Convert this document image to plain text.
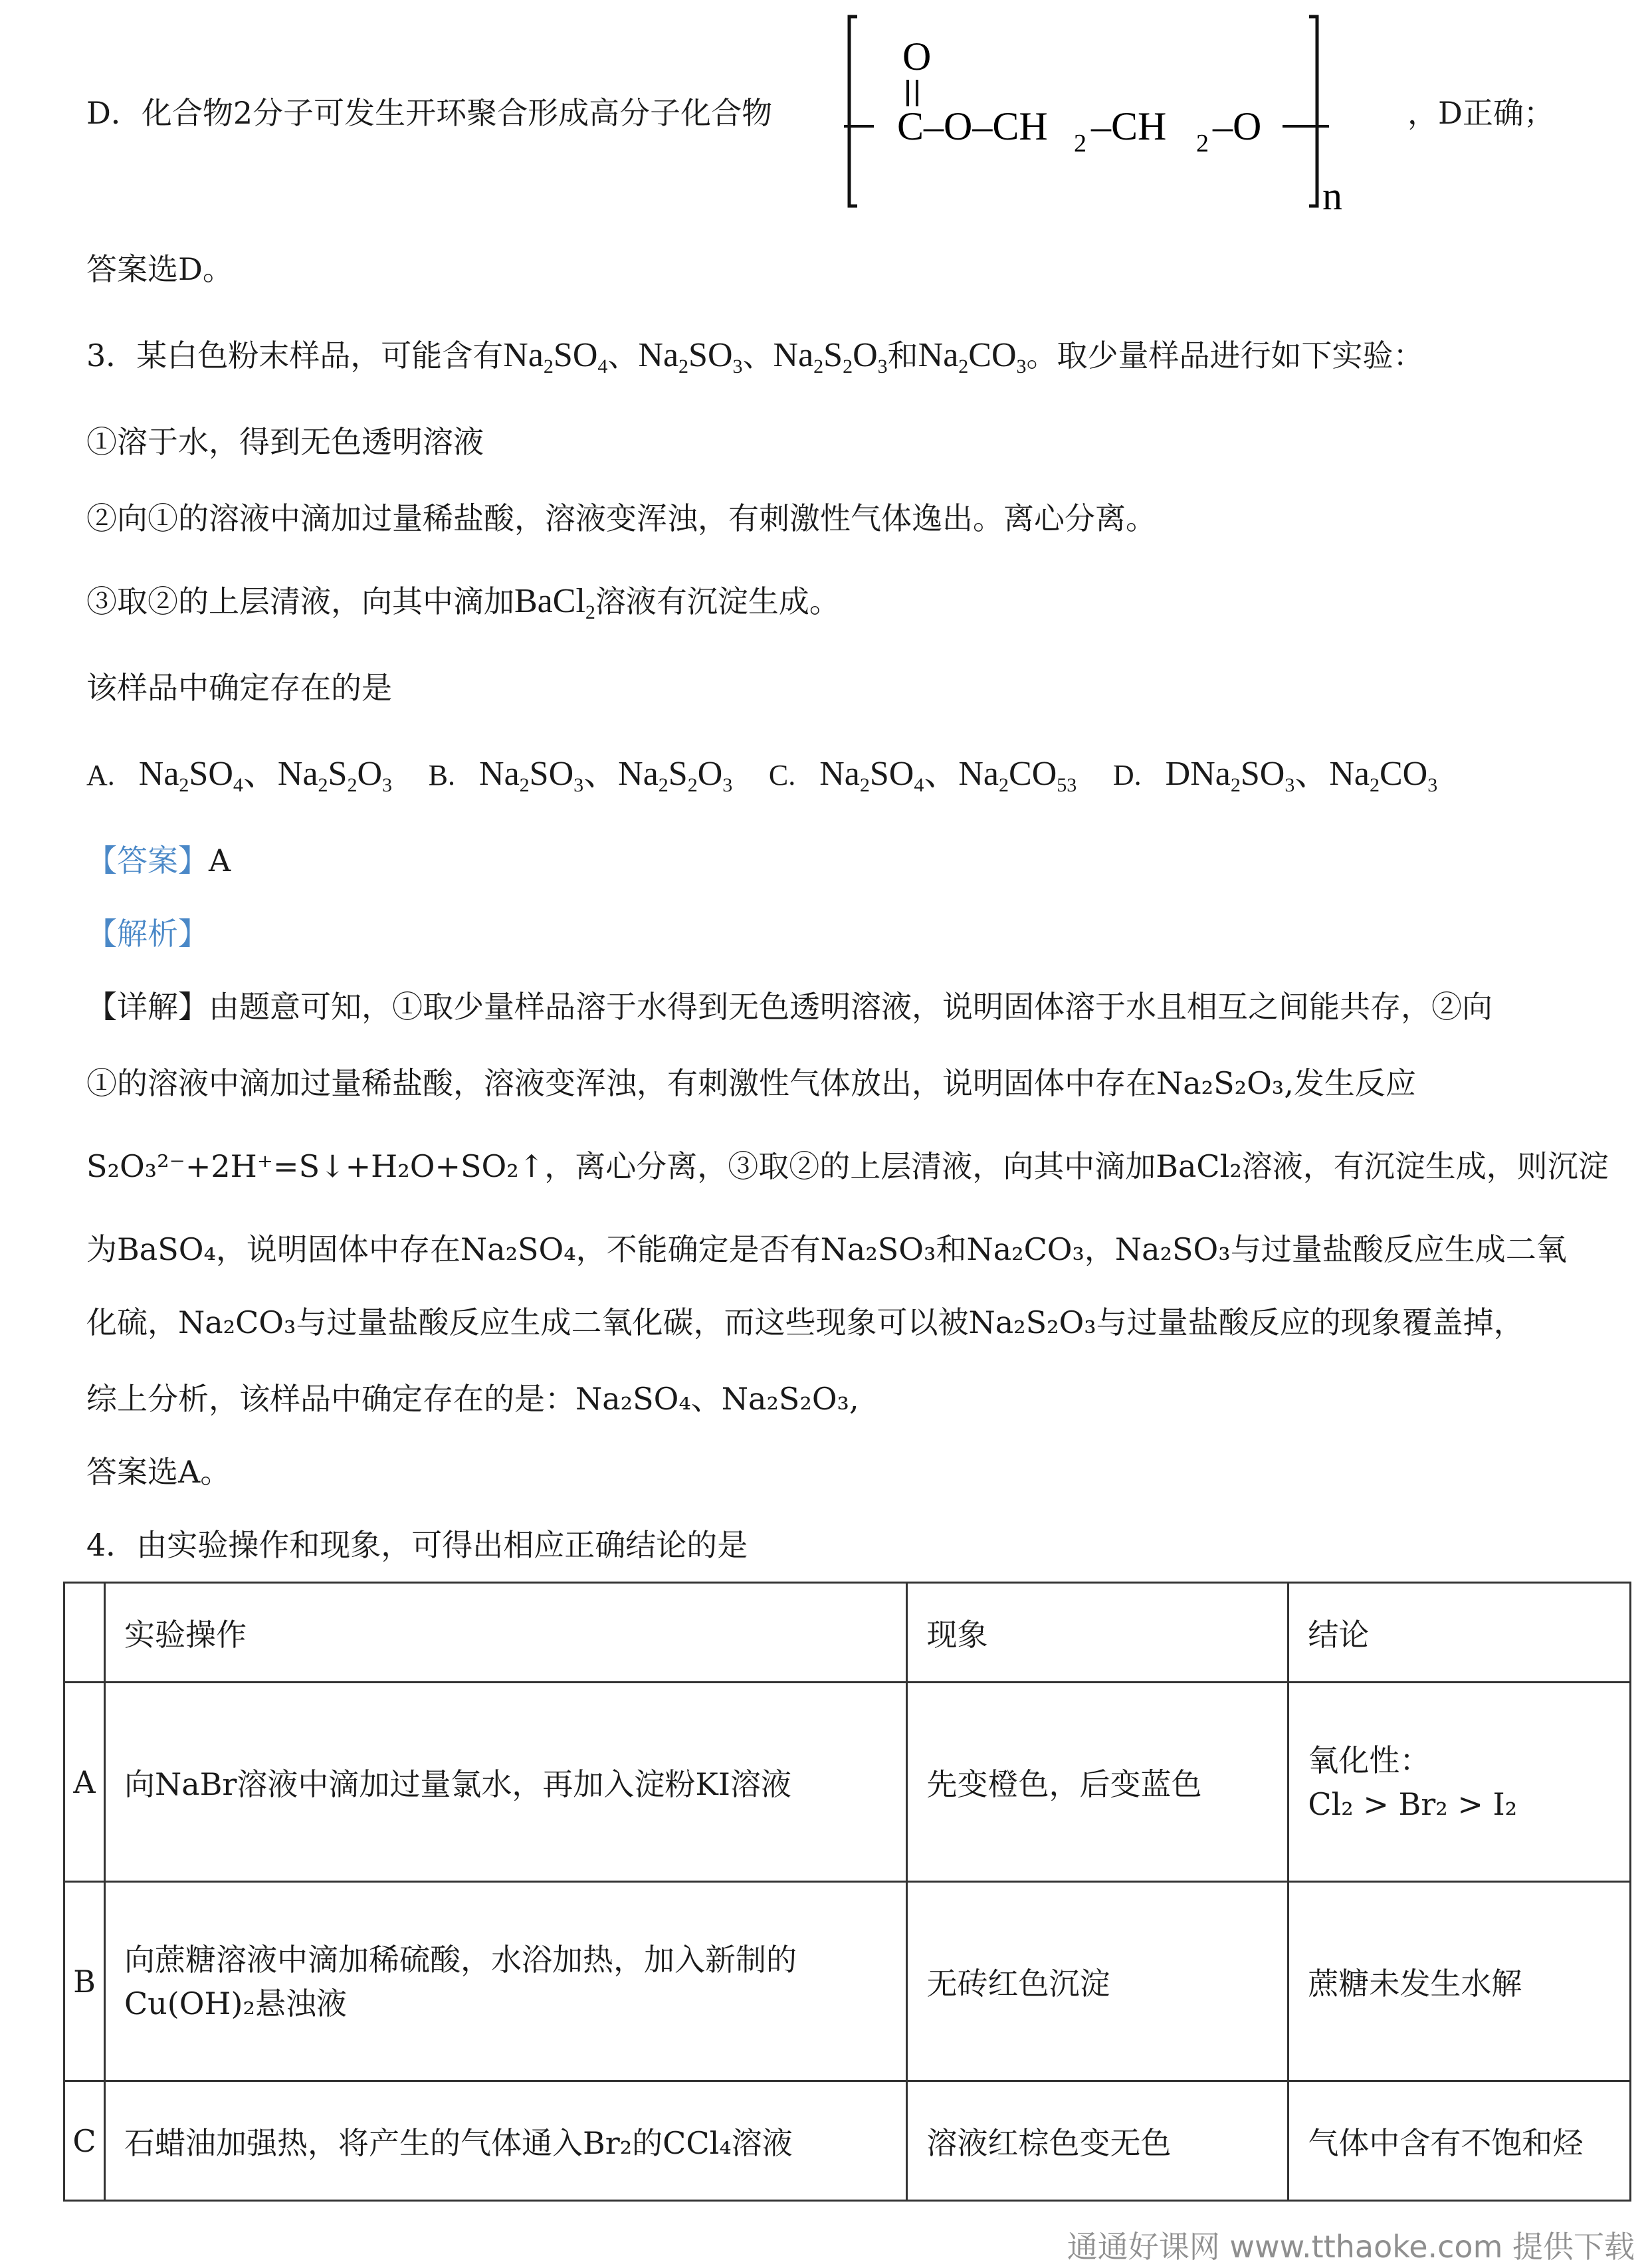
D．化合物2分子可发生开环聚合形成高分子化合物
O
C–O–CH 2 –CH 2 –O
n
，D正确；
答案选D。
3．某白色粉末样品，可能含有$Na_2SO_4$、$Na_2SO_3$、$Na_2S_2O_3$和$Na_2CO_3$。取少量样品进行如下实验：
①溶于水，得到无色透明溶液
②向①的溶液中滴加过量稀盐酸，溶液变浑浊，有刺激性气体逸出。离心分离。
③取②的上层清液，向其中滴加BaCl$_2$溶液有沉淀生成。
该样品中确定存在的是
A. $Na_2SO_4$、$Na_2S_2O_3$ B. $Na_2SO_3$、$Na_2S_2O_3$ C. $Na_2SO_4$、$Na_2CO_{53}$ D. $DNa_2SO_3$、$Na_2CO_3$
【答案】A
【解析】
【详解】由题意可知，①取少量样品溶于水得到无色透明溶液，说明固体溶于水且相互之间能共存，②向
①的溶液中滴加过量稀盐酸，溶液变浑浊，有刺激性气体放出，说明固体中存在Na₂S₂O₃,发生反应
S₂O₃²⁻+2H⁺=S↓+H₂O+SO₂↑，离心分离，③取②的上层清液，向其中滴加BaCl₂溶液，有沉淀生成，则沉淀
为BaSO₄，说明固体中存在Na₂SO₄，不能确定是否有Na₂SO₃和Na₂CO₃，Na₂SO₃与过量盐酸反应生成二氧
化硫，Na₂CO₃与过量盐酸反应生成二氧化碳，而这些现象可以被Na₂S₂O₃与过量盐酸反应的现象覆盖掉，
综上分析，该样品中确定存在的是：Na₂SO₄、Na₂S₂O₃,
答案选A。
4．由实验操作和现象，可得出相应正确结论的是
	实验操作	现象	结论
A	向NaBr溶液中滴加过量氯水，再加入淀粉KI溶液	先变橙色，后变蓝色	氧化性：
Cl₂ > Br₂ > I₂

B	向蔗糖溶液中滴加稀硫酸，水浴加热，加入新制的
Cu(OH)₂悬浊液	无砖红色沉淀	蔗糖未发生水解
C	石蜡油加强热，将产生的气体通入Br₂的CCl₄溶液	溶液红棕色变无色	气体中含有不饱和烃
通通好课网 www.tthaoke.com 提供下载
